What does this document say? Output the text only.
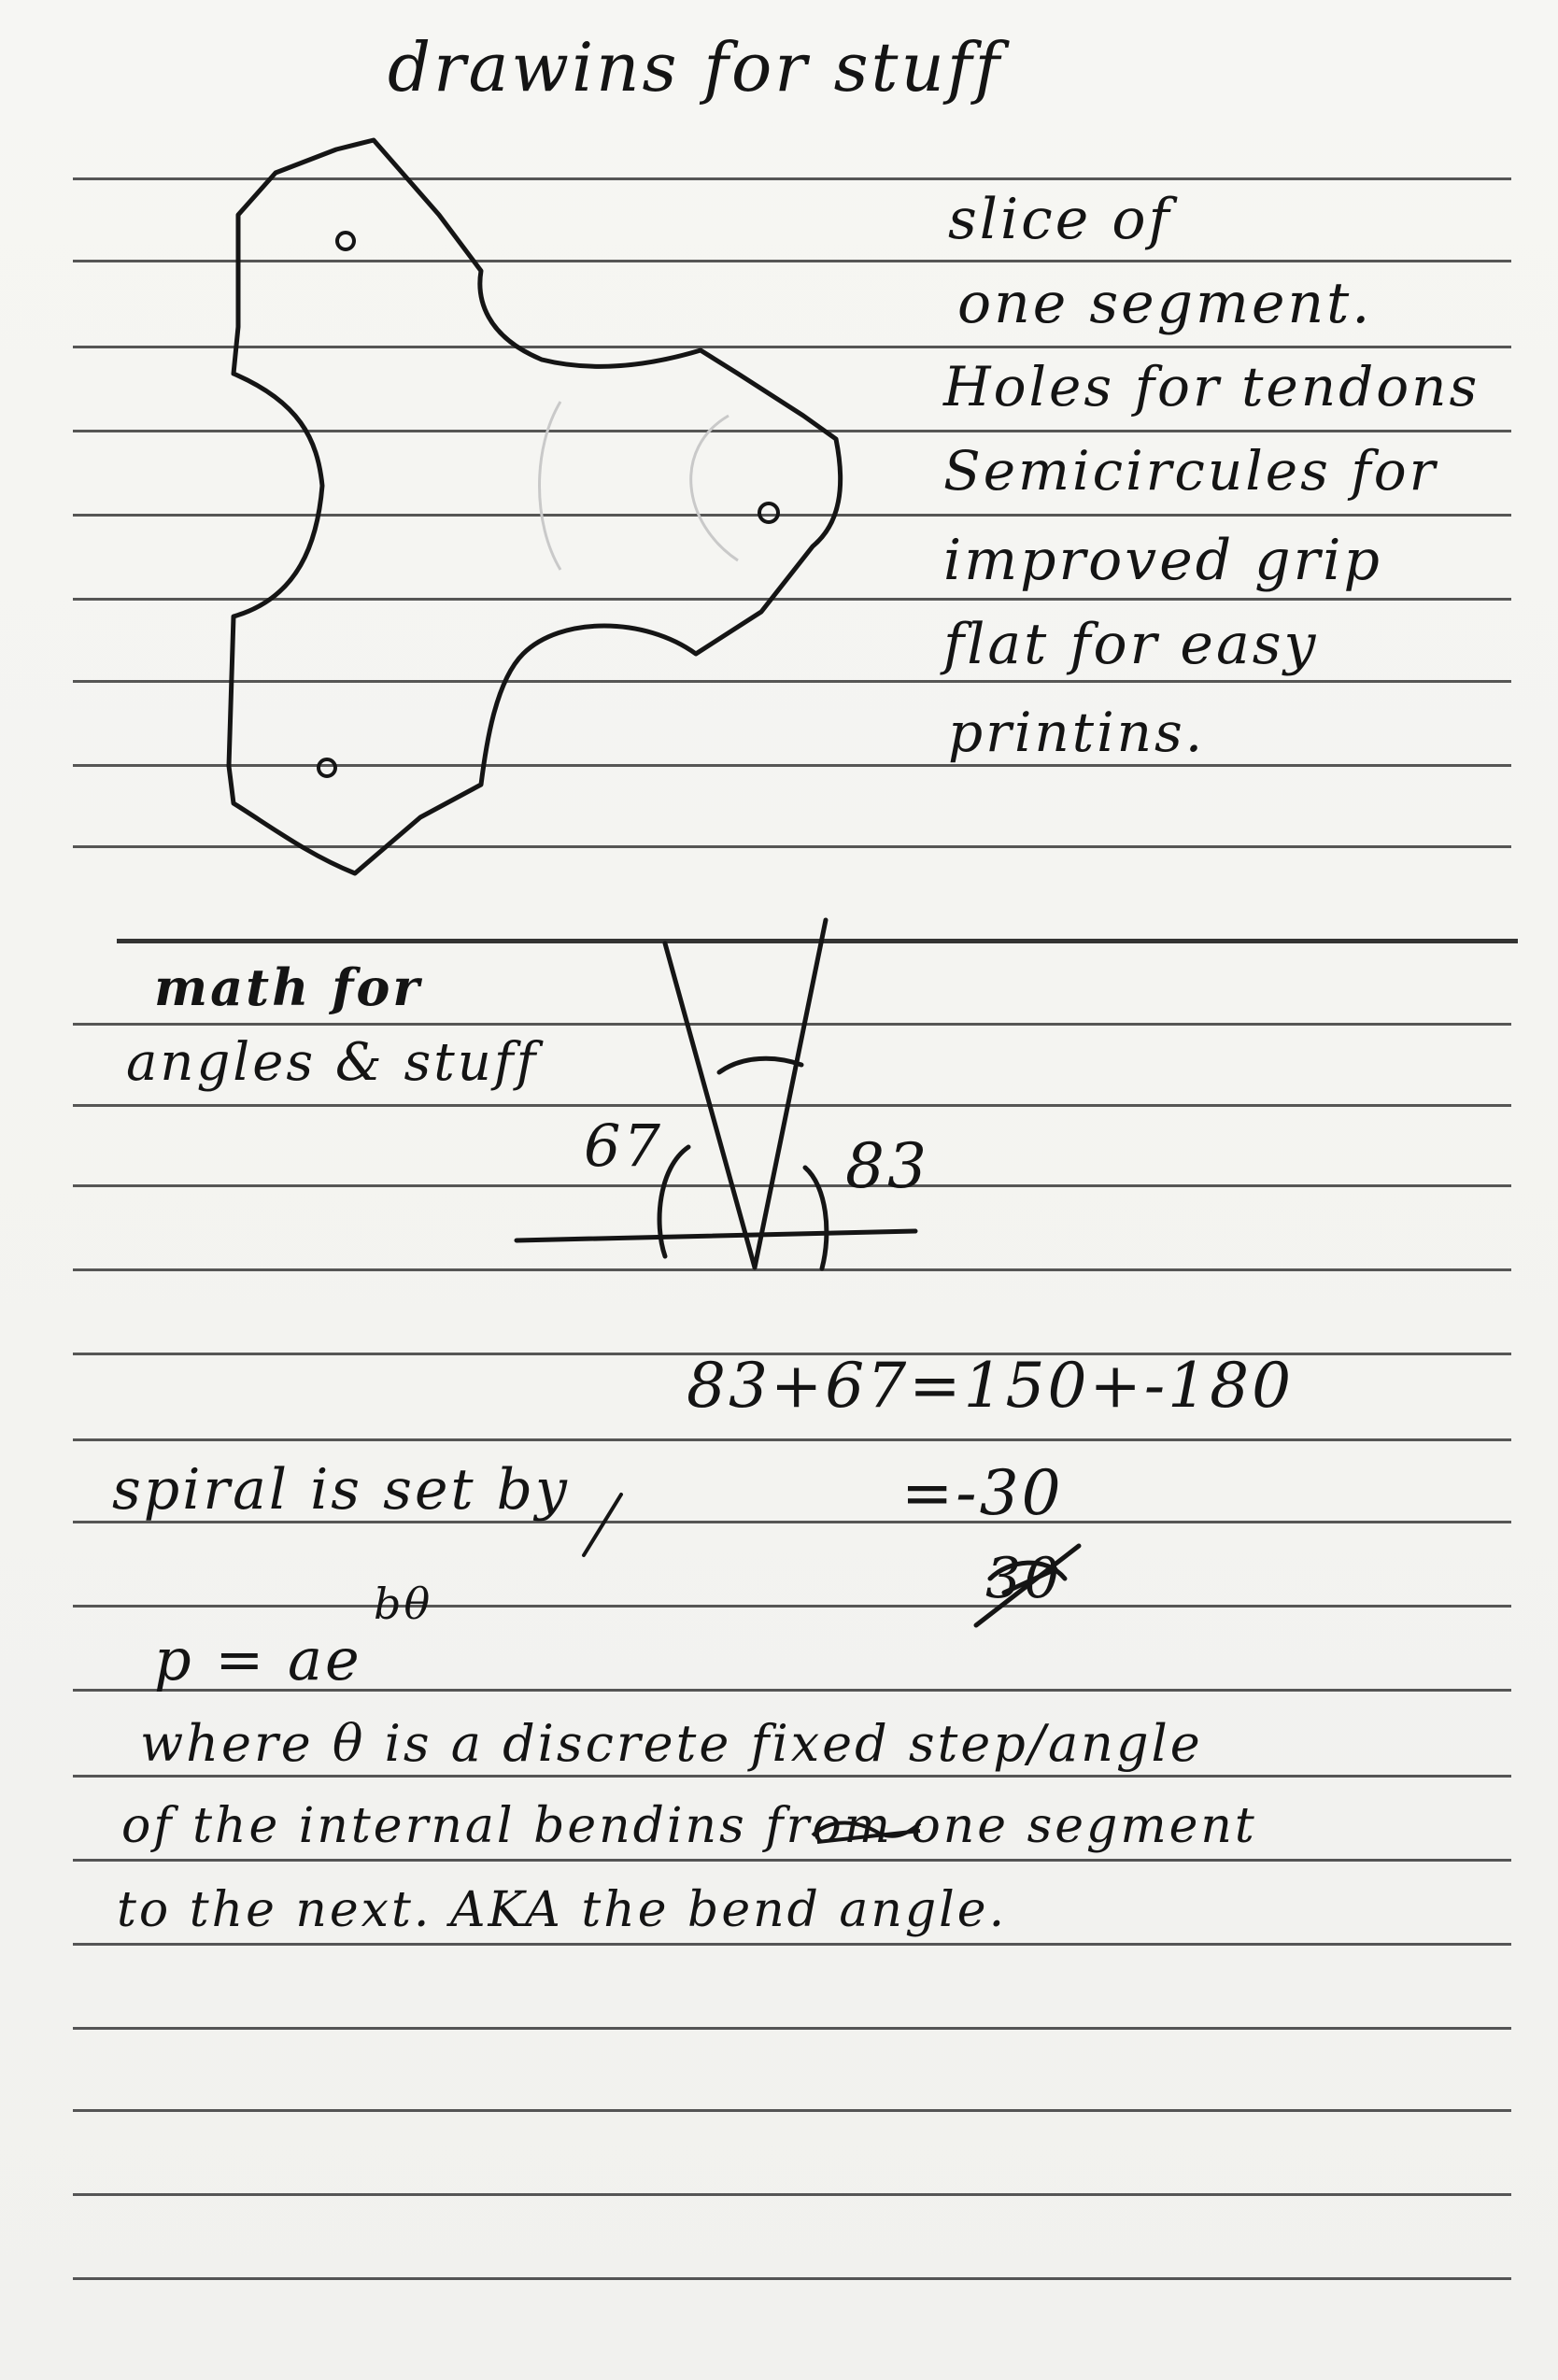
drawins for stuff
slice of
one segment.
Holes for tendons
Semicircules for
improved grip
flat for easy
printins.
math for
angles & stuff
67	83
83+67=150+-180
=-30
30
spiral is set by
p = ae
bθ
where θ is a discrete fixed step/angle
of the internal bendins from one segment
to the next. AKA the bend angle.
